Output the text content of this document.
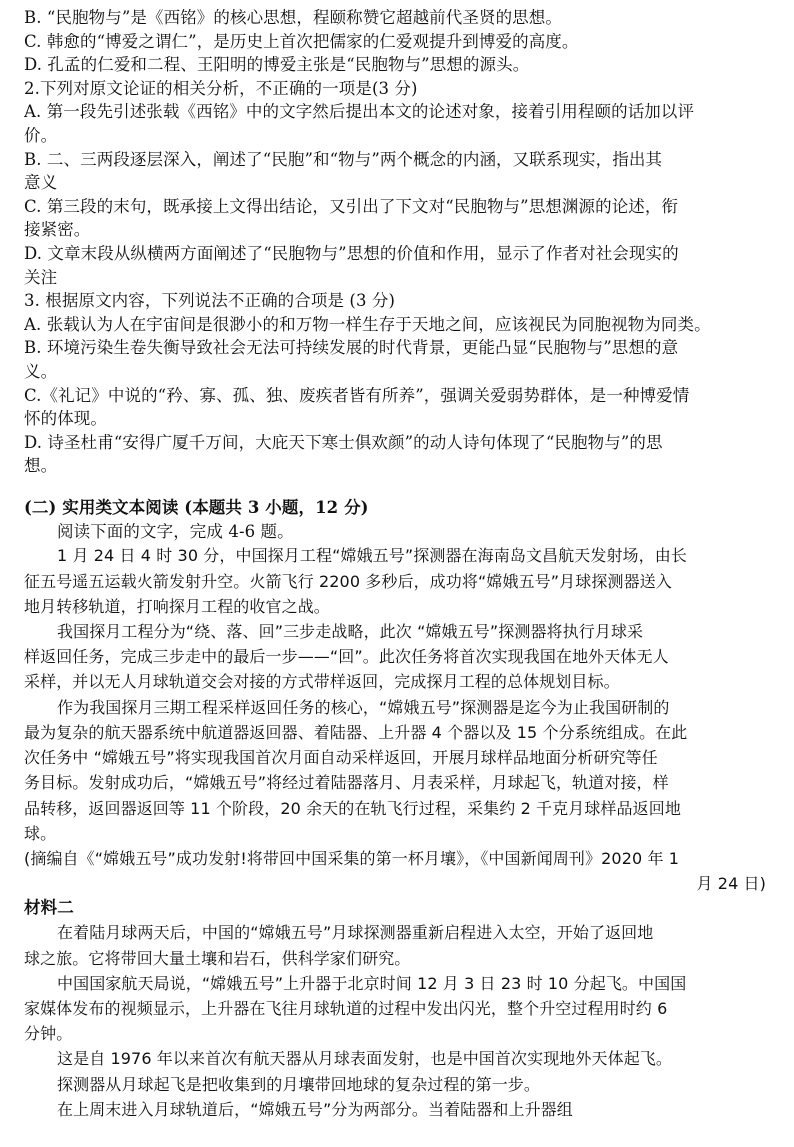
B. “民胞物与”是《西铭》的核心思想，程颐称赞它超越前代圣贤的思想。
C. 韩愈的“博爱之谓仁”，是历史上首次把儒家的仁爱观提升到博爱的高度。
D. 孔孟的仁爱和二程、王阳明的博爱主张是“民胞物与”思想的源头。
2.下列对原文论证的相关分析，不正确的一项是(3 分)
A. 第一段先引述张载《西铭》中的文字然后提出本文的论述对象，接着引用程颐的话加以评
价。
B. 二、三两段逐层深入，阐述了“民胞”和“物与”两个概念的内涵，又联系现实，指出其
意义
C. 第三段的末句，既承接上文得出结论，又引出了下文对“民胞物与”思想渊源的论述，衔
接紧密。
D. 文章末段从纵横两方面阐述了“民胞物与”思想的价值和作用，显示了作者对社会现实的
关注
3. 根据原文内容，下列说法不正确的合项是 (3 分)
A. 张载认为人在宇宙间是很渺小的和万物一样生存于天地之间，应该视民为同胞视物为同类。
B. 环境污染生卷失衡导致社会无法可持续发展的时代背景，更能凸显“民胞物与”思想的意
义。
C.《礼记》中说的“矜、寡、孤、独、废疾者皆有所养”，强调关爱弱势群体，是一种博爱情
怀的体现。
D. 诗圣杜甫“安得广厦千万间，大庇天下寒士俱欢颜”的动人诗句体现了“民胞物与”的思
想。
(二) 实用类文本阅读 (本题共 3 小题，12 分)
阅读下面的文字，完成 4-6 题。
1 月 24 日 4 时 30 分，中国探月工程“嫦娥五号”探测器在海南岛文昌航天发射场，由长
征五号遥五运载火箭发射升空。火箭飞行 2200 多秒后，成功将“嫦娥五号”月球探测器送入
地月转移轨道，打响探月工程的收官之战。
我国探月工程分为“绕、落、回”三步走战略，此次 “嫦娥五号”探测器将执行月球采
样返回任务，完成三步走中的最后一步——“回”。此次任务将首次实现我国在地外天体无人
采样，并以无人月球轨道交会对接的方式带样返回，完成探月工程的总体规划目标。
作为我国探月三期工程采样返回任务的核心，“嫦娥五号”探测器是迄今为止我国研制的
最为复杂的航天器系统中航道器返回器、着陆器、上升器 4 个器以及 15 个分系统组成。在此
次任务中 “嫦娥五号”将实现我国首次月面自动采样返回，开展月球样品地面分析研究等任
务目标。发射成功后，“嫦娥五号”将经过着陆器落月、月表采样，月球起飞，轨道对接，样
品转移，返回器返回等 11 个阶段，20 余天的在轨飞行过程，采集约 2 千克月球样品返回地
球。
(摘编自《“嫦娥五号”成功发射!将带回中国采集的第一杯月壤》，《中国新闻周刊》2020 年 1
月 24 日)
材料二
在着陆月球两天后，中国的“嫦娥五号”月球探测器重新启程进入太空，开始了返回地
球之旅。它将带回大量土壤和岩石，供科学家们研究。
中国国家航天局说，“嫦娥五号”上升器于北京时间 12 月 3 日 23 时 10 分起飞。中国国
家媒体发布的视频显示，上升器在飞往月球轨道的过程中发出闪光，整个升空过程用时约 6
分钟。
这是自 1976 年以来首次有航天器从月球表面发射，也是中国首次实现地外天体起飞。
探测器从月球起飞是把收集到的月壤带回地球的复杂过程的第一步。
在上周末进入月球轨道后，“嫦娥五号”分为两部分。当着陆器和上升器组
